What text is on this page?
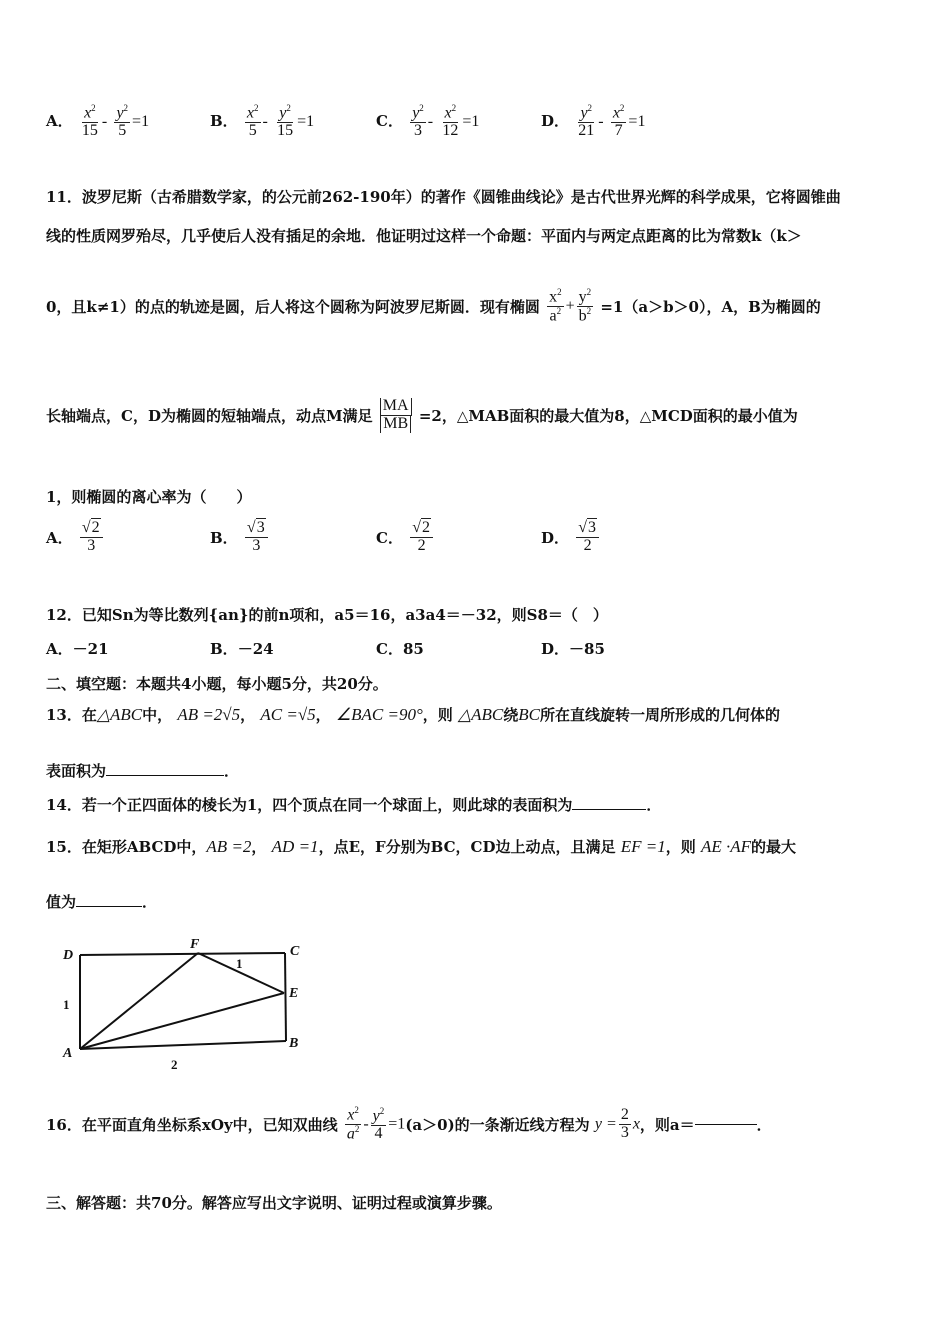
A． $\frac{x^2}{15} - \frac{y^2}{5} =1$	B． $\frac{x^2}{5} - \frac{y^2}{15} =1$	C． $\frac{y^2}{3} - \frac{x^2}{12} =1$	D． $\frac{y^2}{21} - \frac{x^2}{7} =1$
11．波罗尼斯（古希腊数学家，的公元前262-190年）的著作《圆锥曲线论》是古代世界光辉的科学成果，它将圆锥曲
线的性质网罗殆尽，几乎使后人没有插足的余地．他证明过这样一个命题：平面内与两定点距离的比为常数k（k＞
0，且k≠1）的点的轨迹是圆，后人将这个圆称为阿波罗尼斯圆．现有椭圆 $\frac{x^2}{a^2} + \frac{y^2}{b^2} =1(a>b>0)$，A，B为椭圆的
长轴端点，C，D为椭圆的短轴端点，动点M满足 $\frac{MA}{MB} =2$，△MAB面积的最大值为8，△MCD面积的最小值为
1，则椭圆的离心率为（　　）
A． $\frac{√2}{3}$	B． $\frac{√3}{3}$	C． $\frac{√2}{2}$	D． $\frac{√3}{2}$
12．已知Sn为等比数列{an}的前n项和，a5＝16，a3a4＝－32，则S8＝（　）
A．－21	B．－24	C．85	D．－85
二、填空题：本题共4小题，每小题5分，共20分。
13．在△ABC中， AB =2√5， AC =√5， ∠BAC =90°，则 △ABC绕BC所在直线旋转一周所形成的几何体的
表面积为	．
14．若一个正四面体的棱长为1，四个顶点在同一个球面上，则此球的表面积为	．
15．在矩形ABCD中，AB =2， AD =1，点E，F分别为BC，CD边上动点，且满足 EF =1，则 AE ·AF的最大
值为	．
D
F	C
E
A
B
1
2
1
16．在平面直角坐标系xOy中，已知双曲线 $\frac{x^2}{a^2} - \frac{y^2}{4} =1(a>0)$的一条渐近线方程为 $y = \frac{2}{3}$ x，则a＝	．
三、解答题：共70分。解答应写出文字说明、证明过程或演算步骤。
